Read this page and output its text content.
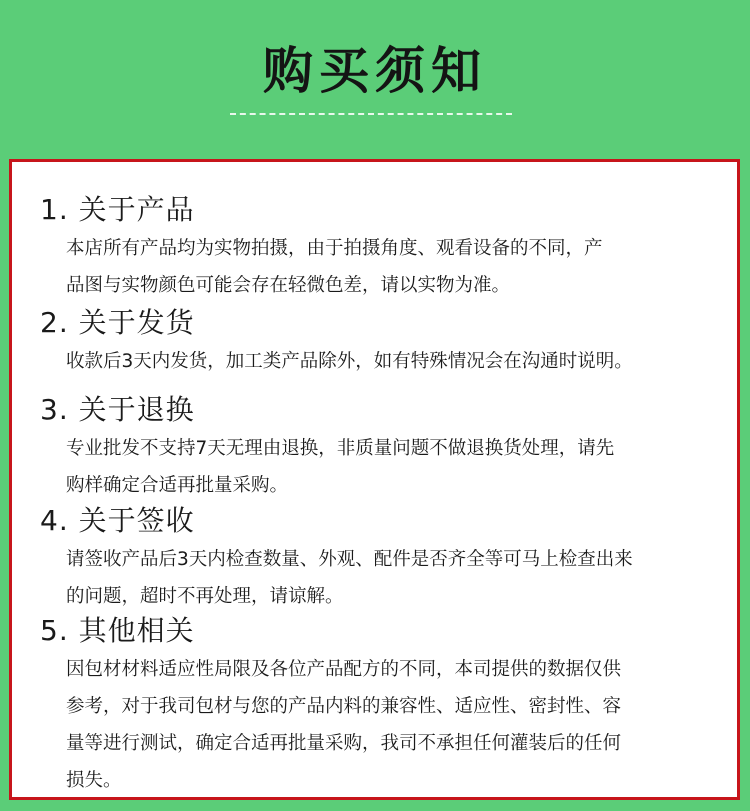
购买须知
1. 关于产品
本店所有产品均为实物拍摄，由于拍摄角度、观看设备的不同，产
品图与实物颜色可能会存在轻微色差，请以实物为准。
2. 关于发货
收款后3天内发货，加工类产品除外，如有特殊情况会在沟通时说明。
3. 关于退换
专业批发不支持7天无理由退换，非质量问题不做退换货处理，请先
购样确定合适再批量采购。
4. 关于签收
请签收产品后3天内检查数量、外观、配件是否齐全等可马上检查出来
的问题，超时不再处理，请谅解。
5. 其他相关
因包材材料适应性局限及各位产品配方的不同，本司提供的数据仅供
参考，对于我司包材与您的产品内料的兼容性、适应性、密封性、容
量等进行测试，确定合适再批量采购，我司不承担任何灌装后的任何
损失。
